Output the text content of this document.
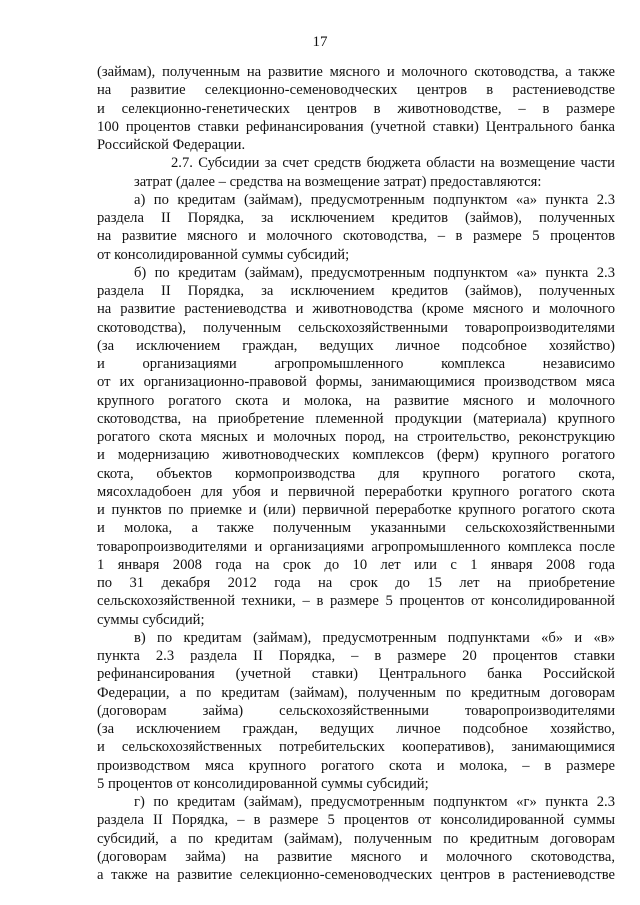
17

(займам), полученным на развитие мясного и молочного скотоводства, а также
на развитие селекционно-семеноводческих центров в растениеводстве
и селекционно-генетических центров в животноводстве, – в размере
100 процентов ставки рефинансирования (учетной ставки) Центрального банка
Российской Федерации.

2.7. Субсидии за счет средств бюджета области на возмещение части
затрат (далее – средства на возмещение затрат) предоставляются:

а) по кредитам (займам), предусмотренным подпунктом «а» пункта 2.3
раздела II Порядка, за исключением кредитов (займов), полученных
на развитие мясного и молочного скотоводства, – в размере 5 процентов
от консолидированной суммы субсидий;

б) по кредитам (займам), предусмотренным подпунктом «а» пункта 2.3
раздела II Порядка, за исключением кредитов (займов), полученных
на развитие растениеводства и животноводства (кроме мясного и молочного
скотоводства), полученным сельскохозяйственными товаропроизводителями
(за исключением граждан, ведущих личное подсобное хозяйство)
и организациями агропромышленного комплекса независимо
от их организационно-правовой формы, занимающимися производством мяса
крупного рогатого скота и молока, на развитие мясного и молочного
скотоводства, на приобретение племенной продукции (материала) крупного
рогатого скота мясных и молочных пород, на строительство, реконструкцию
и модернизацию животноводческих комплексов (ферм) крупного рогатого
скота, объектов кормопроизводства для крупного рогатого скота,
мясохладобоен для убоя и первичной переработки крупного рогатого скота
и пунктов по приемке и (или) первичной переработке крупного рогатого скота
и молока, а также полученным указанными сельскохозяйственными
товаропроизводителями и организациями агропромышленного комплекса после
1 января 2008 года на срок до 10 лет или с 1 января 2008 года
по 31 декабря 2012 года на срок до 15 лет на приобретение
сельскохозяйственной техники, – в размере 5 процентов от консолидированной
суммы субсидий;

в) по кредитам (займам), предусмотренным подпунктами «б» и «в»
пункта 2.3 раздела II Порядка, – в размере 20 процентов ставки
рефинансирования (учетной ставки) Центрального банка Российской
Федерации, а по кредитам (займам), полученным по кредитным договорам
(договорам займа) сельскохозяйственными товаропроизводителями
(за исключением граждан, ведущих личное подсобное хозяйство,
и сельскохозяйственных потребительских кооперативов), занимающимися
производством мяса крупного рогатого скота и молока, – в размере
5 процентов от консолидированной суммы субсидий;

г) по кредитам (займам), предусмотренным подпунктом «г» пункта 2.3
раздела II Порядка, – в размере 5 процентов от консолидированной суммы
субсидий, а по кредитам (займам), полученным по кредитным договорам
(договорам займа) на развитие мясного и молочного скотоводства,
а также на развитие селекционно-семеноводческих центров в растениеводстве
